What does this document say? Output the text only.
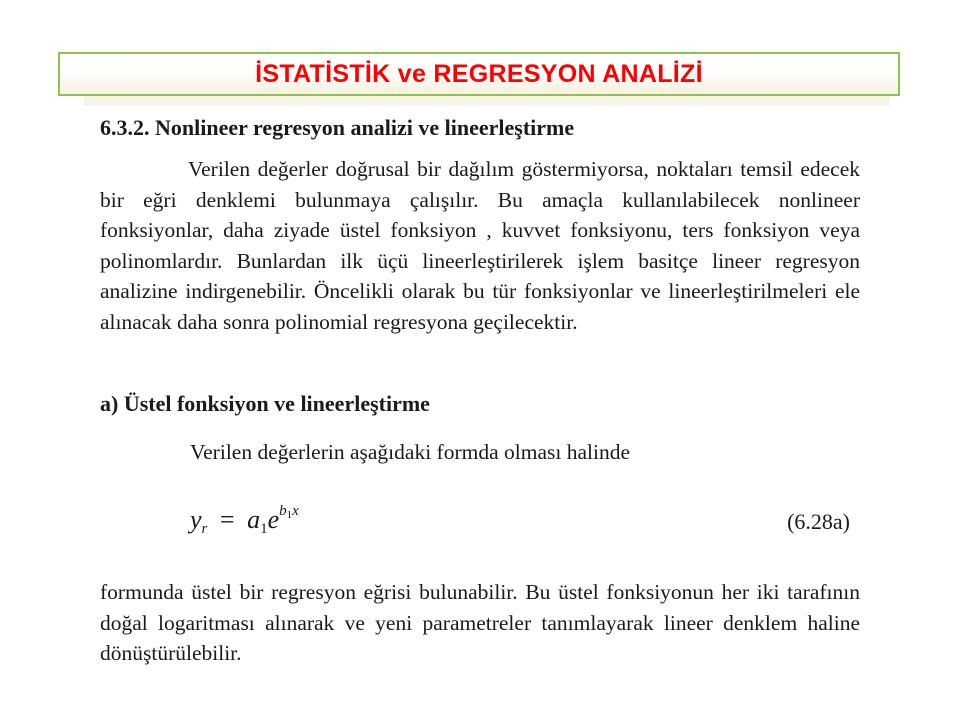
İSTATİSTİK ve REGRESYON ANALİZİ
6.3.2. Nonlineer regresyon analizi ve lineerleştirme
Verilen değerler doğrusal bir dağılım göstermiyorsa, noktaları temsil edecek bir eğri denklemi bulunmaya çalışılır. Bu amaçla kullanılabilecek nonlineer fonksiyonlar, daha ziyade üstel fonksiyon , kuvvet fonksiyonu, ters fonksiyon veya polinomlardır. Bunlardan ilk üçü lineerleştirilerek işlem basitçe lineer regresyon analizine indirgenebilir. Öncelikli olarak bu tür fonksiyonlar ve lineerleştirilmeleri ele alınacak daha sonra polinomial regresyona geçilecektir.
a) Üstel fonksiyon ve lineerleştirme
Verilen değerlerin aşağıdaki formda olması halinde
$y_r = a_1e^{b_1x}$	(6.28a)
formunda üstel bir regresyon eğrisi bulunabilir. Bu üstel fonksiyonun her iki tarafının doğal logaritması alınarak ve yeni parametreler tanımlayarak lineer denklem haline dönüştürülebilir.
